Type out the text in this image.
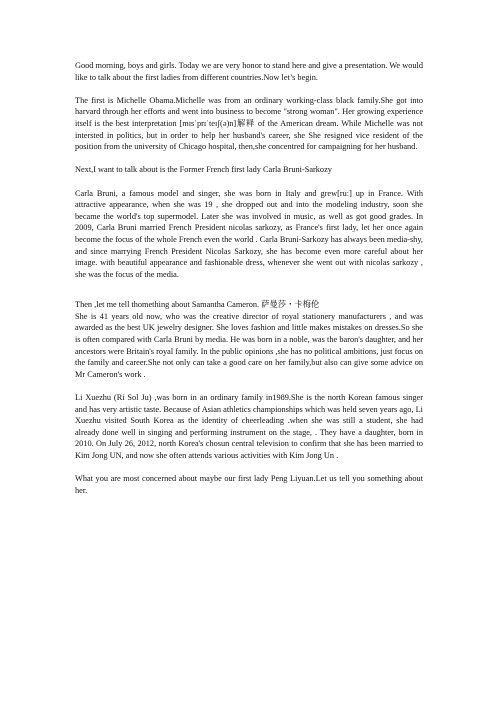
Good morning, boys and girls. Today we are very honor to stand here and give a presentation. We would like to talk about the first ladies from different countries.Now let’s begin.

The first is Michelle Obama.Michelle was from an ordinary working-class black family.She got into harvard through her efforts and went into business to become "strong woman". Her growing experience itself is the best interpretation [mɪsˈprɪˈteɪʃ(ə)n]解释 of the American dream. While Michelle was not intersted in politics, but in order to help her husband's career, she She resigned vice resident of the position from the university of Chicago hospital, then,she concentred for campaigning for her husband.

Next,I want to talk about is the Former French first lady Carla Bruni-Sarkozy

Carla Bruni, a famous model and singer, she was born in Italy and grew[ruː] up in France. With attractive appearance, when she was 19 , she dropped out and into the modeling industry, soon she became the world's top supermodel. Later she was involved in music, as well as got good grades. In 2009, Carla Bruni married French President nicolas sarkozy, as France's first lady, let her once again become the focus of the whole French even the world . Carla Bruni-Sarkozy has always been media-shy, and since marrying French President Nicolas Sarkozy, she has become even more careful about her image. with beautiful appearance and fashionable dress, whenever she went out with nicolas sarkozy , she was the focus of the media.

Then ,let me tell thomething about Samantha Cameron. 萨曼莎・卡梅伦

She is 41 years old now, who was the creative director of royal stationery manufacturers , and was awarded as the best UK jewelry designer. She loves fashion and little makes mistakes on dresses.So she is often compared with Carla Bruni by media. He was born in a noble, was the baron's daughter, and her ancestors were Britain's royal family. In the public opinions ,she has no political ambitions, just focus on the family and career.She not only can take a good care on her family,but also can give some advice on Mr Cameron's work .

Li Xuezhu (Ri Sol Ju) ,was born in an ordinary family in1989.She is the north Korean famous singer and has very artistic taste. Because of Asian athletics championships which was held seven years ago, Li Xuezhu visited South Korea as the identity of cheerleading .when she was still a student, she had already done well in singing and performing instrument on the stage, . They have a daughter, born in 2010. On July 26, 2012, north Korea's chosun central television to confirm that she has been married to Kim Jong UN, and now she often attends various activities with Kim Jong Un .

What you are most concerned about maybe our first lady Peng Liyuan.Let us tell you something about her.
